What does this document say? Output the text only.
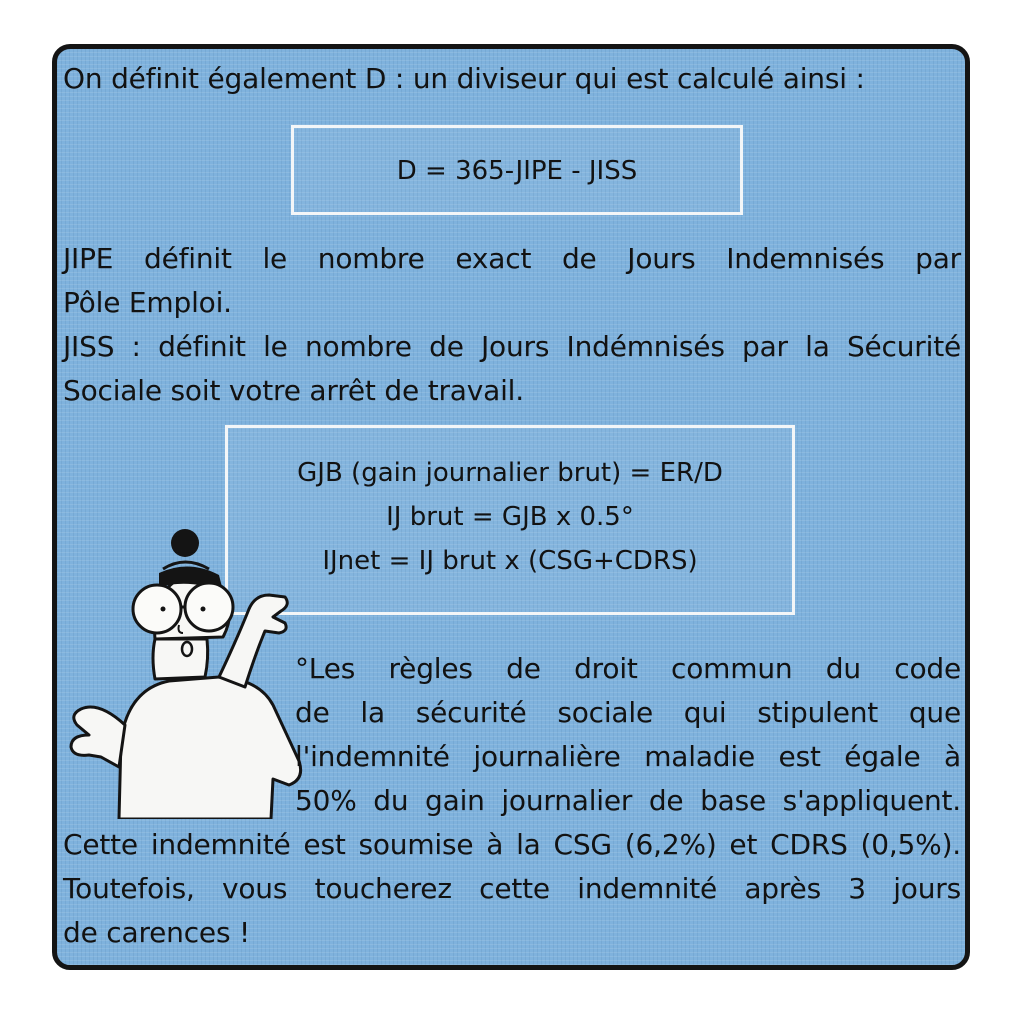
On définit également D : un diviseur qui est calculé ainsi :
D = 365-JIPE - JISS
JIPE définit le nombre exact de Jours Indemnisés par
Pôle Emploi.
JISS : définit le nombre de Jours Indémnisés par la Sécurité
Sociale soit votre arrêt de travail.
GJB (gain journalier brut) = ER/D
IJ brut = GJB x 0.5°
IJnet = IJ brut x (CSG+CDRS)
°Les règles de droit commun du code
de la sécurité sociale qui stipulent que
l'indemnité journalière maladie est égale à
50% du gain journalier de base s'appliquent.
Cette indemnité est soumise à la CSG (6,2%) et CDRS (0,5%).
Toutefois, vous toucherez cette indemnité après 3 jours
de carences !
